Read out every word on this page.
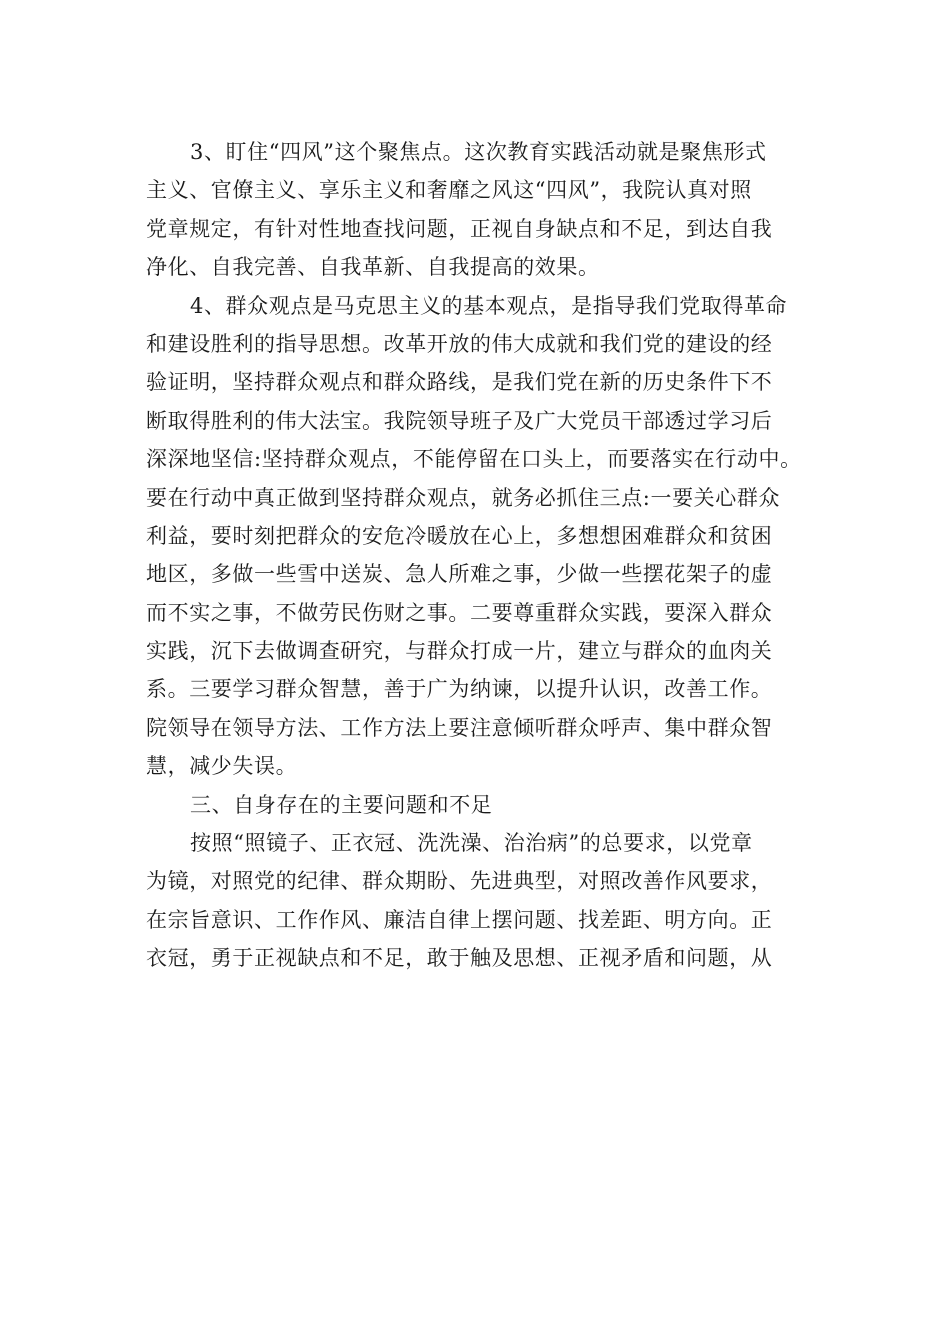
3、盯住“四风”这个聚焦点。这次教育实践活动就是聚焦形式
主义、官僚主义、享乐主义和奢靡之风这“四风”，我院认真对照
党章规定，有针对性地查找问题，正视自身缺点和不足，到达自我
净化、自我完善、自我革新、自我提高的效果。
4、群众观点是马克思主义的基本观点，是指导我们党取得革命
和建设胜利的指导思想。改革开放的伟大成就和我们党的建设的经
验证明，坚持群众观点和群众路线，是我们党在新的历史条件下不
断取得胜利的伟大法宝。我院领导班子及广大党员干部透过学习后
深深地坚信:坚持群众观点，不能停留在口头上，而要落实在行动中。
要在行动中真正做到坚持群众观点，就务必抓住三点:一要关心群众
利益，要时刻把群众的安危冷暖放在心上，多想想困难群众和贫困
地区，多做一些雪中送炭、急人所难之事，少做一些摆花架子的虚
而不实之事，不做劳民伤财之事。二要尊重群众实践，要深入群众
实践，沉下去做调查研究，与群众打成一片，建立与群众的血肉关
系。三要学习群众智慧，善于广为纳谏，以提升认识，改善工作。
院领导在领导方法、工作方法上要注意倾听群众呼声、集中群众智
慧，减少失误。
三、自身存在的主要问题和不足
按照“照镜子、正衣冠、洗洗澡、治治病”的总要求，以党章
为镜，对照党的纪律、群众期盼、先进典型，对照改善作风要求，
在宗旨意识、工作作风、廉洁自律上摆问题、找差距、明方向。正
衣冠，勇于正视缺点和不足，敢于触及思想、正视矛盾和问题，从
